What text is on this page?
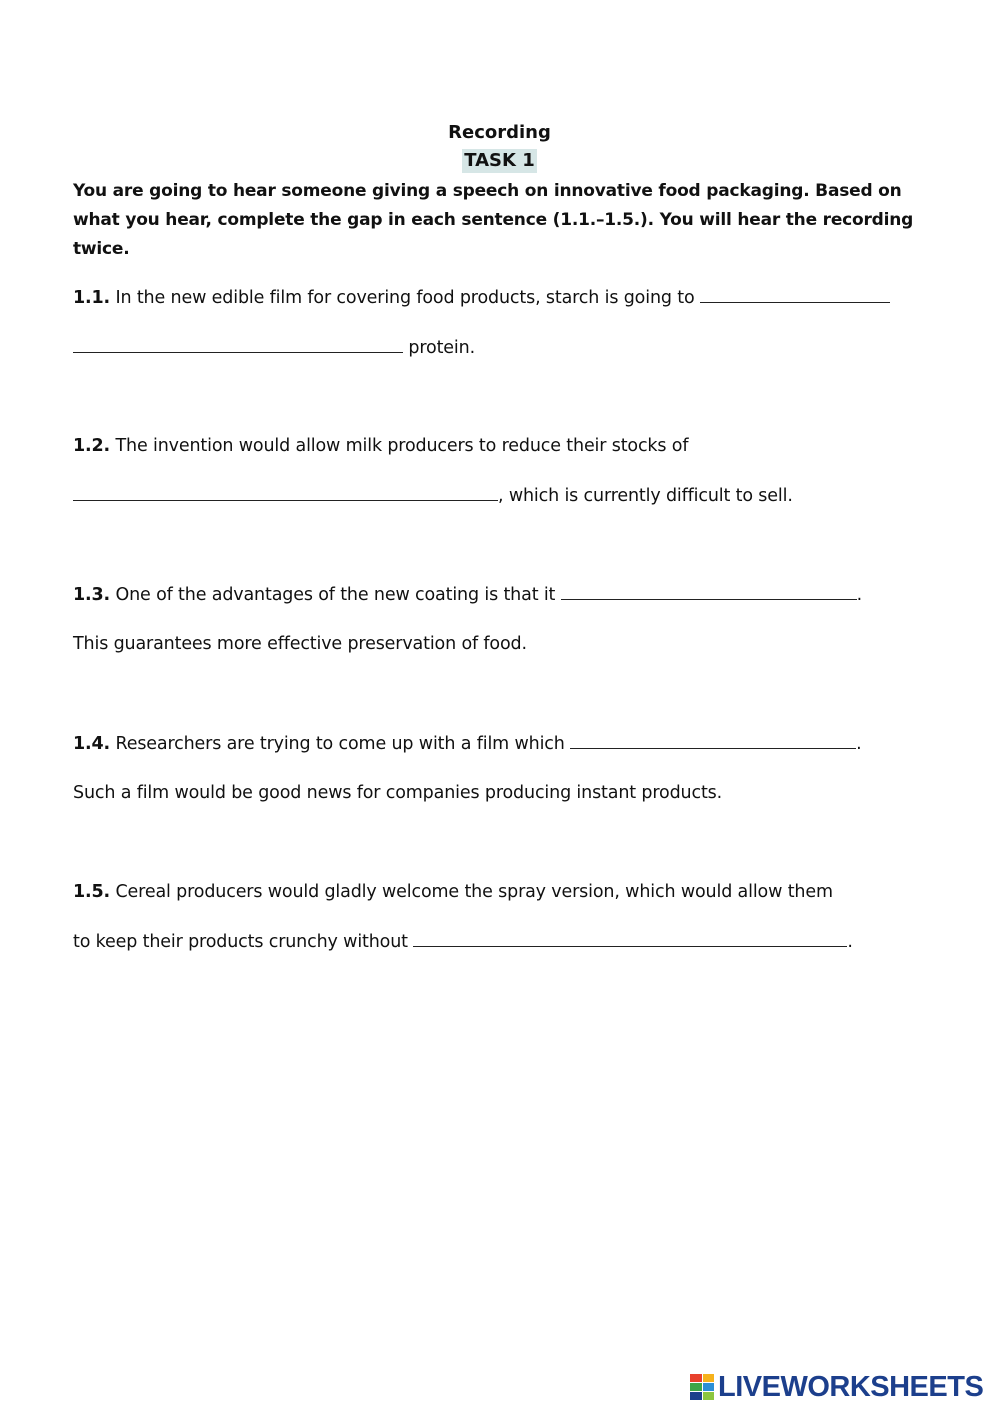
Recording
TASK 1
You are going to hear someone giving a speech on innovative food packaging. Based on what you hear, complete the gap in each sentence (1.1.–1.5.). You will hear the recording twice.
1.1. In the new edible film for covering food products, starch is going to
protein.
1.2. The invention would allow milk producers to reduce their stocks of
, which is currently difficult to sell.
1.3. One of the advantages of the new coating is that it	.
This guarantees more effective preservation of food.
1.4. Researchers are trying to come up with a film which	.
Such a film would be good news for companies producing instant products.
1.5. Cereal producers would gladly welcome the spray version, which would allow them
to keep their products crunchy without	.
LIVEWORKSHEETS
